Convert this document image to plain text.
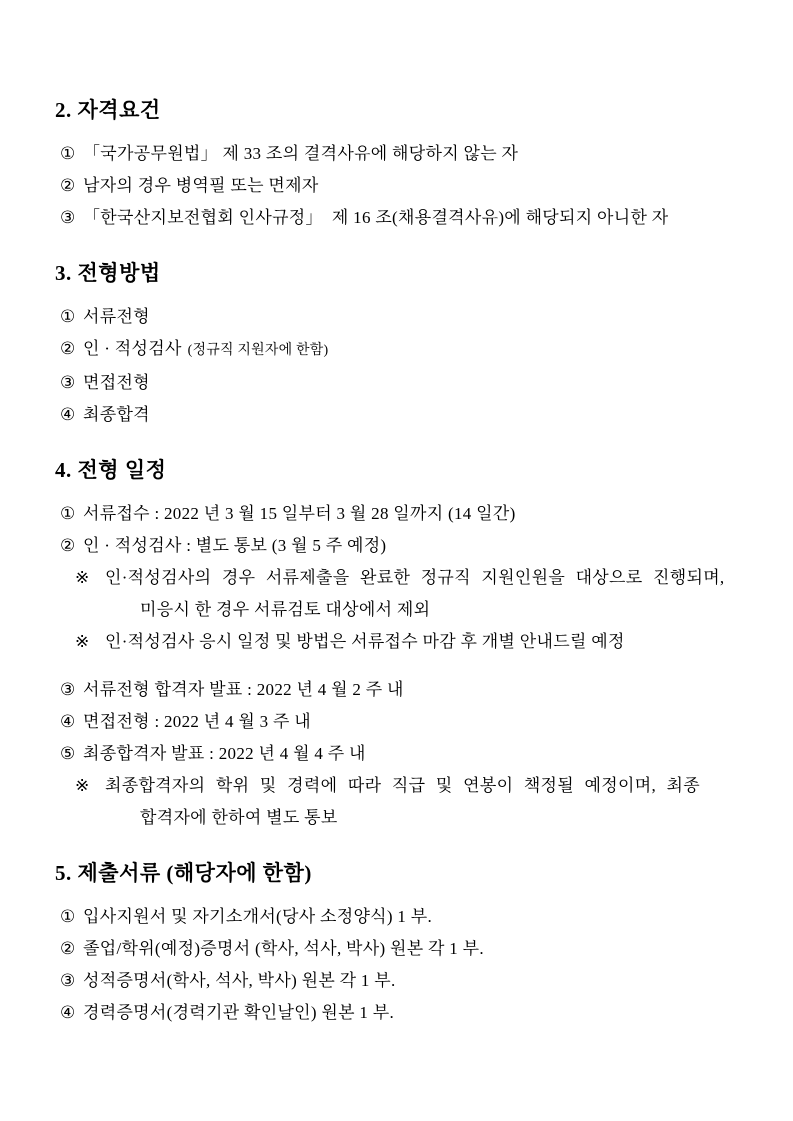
2. 자격요건
① 「국가공무원법」 제 33 조의 결격사유에 해당하지 않는 자
② 남자의 경우 병역필 또는 면제자
③ 「한국산지보전협회 인사규정」  제 16 조(채용결격사유)에 해당되지 아니한 자
3. 전형방법
① 서류전형
② 인 · 적성검사 (정규직 지원자에 한함)
③ 면접전형
④ 최종합격
4. 전형 일정
① 서류접수 : 2022 년 3 월 15 일부터 3 월 28 일까지 (14 일간)
② 인 · 적성검사 : 별도 통보 (3 월 5 주 예정)
※ 인·적성검사의 경우 서류제출을 완료한 정규직 지원인원을 대상으로 진행되며,
미응시 한 경우 서류검토 대상에서 제외
※ 인·적성검사 응시 일정 및 방법은 서류접수 마감 후 개별 안내드릴 예정
③ 서류전형 합격자 발표 : 2022 년 4 월 2 주 내
④ 면접전형 : 2022 년 4 월 3 주 내
⑤ 최종합격자 발표 : 2022 년 4 월 4 주 내
※ 최종합격자의 학위 및 경력에 따라 직급 및 연봉이 책정될 예정이며, 최종
합격자에 한하여 별도 통보
5. 제출서류 (해당자에 한함)
① 입사지원서 및 자기소개서(당사 소정양식) 1 부.
② 졸업/학위(예정)증명서 (학사, 석사, 박사) 원본 각 1 부.
③ 성적증명서(학사, 석사, 박사) 원본 각 1 부.
④ 경력증명서(경력기관 확인날인) 원본 1 부.
